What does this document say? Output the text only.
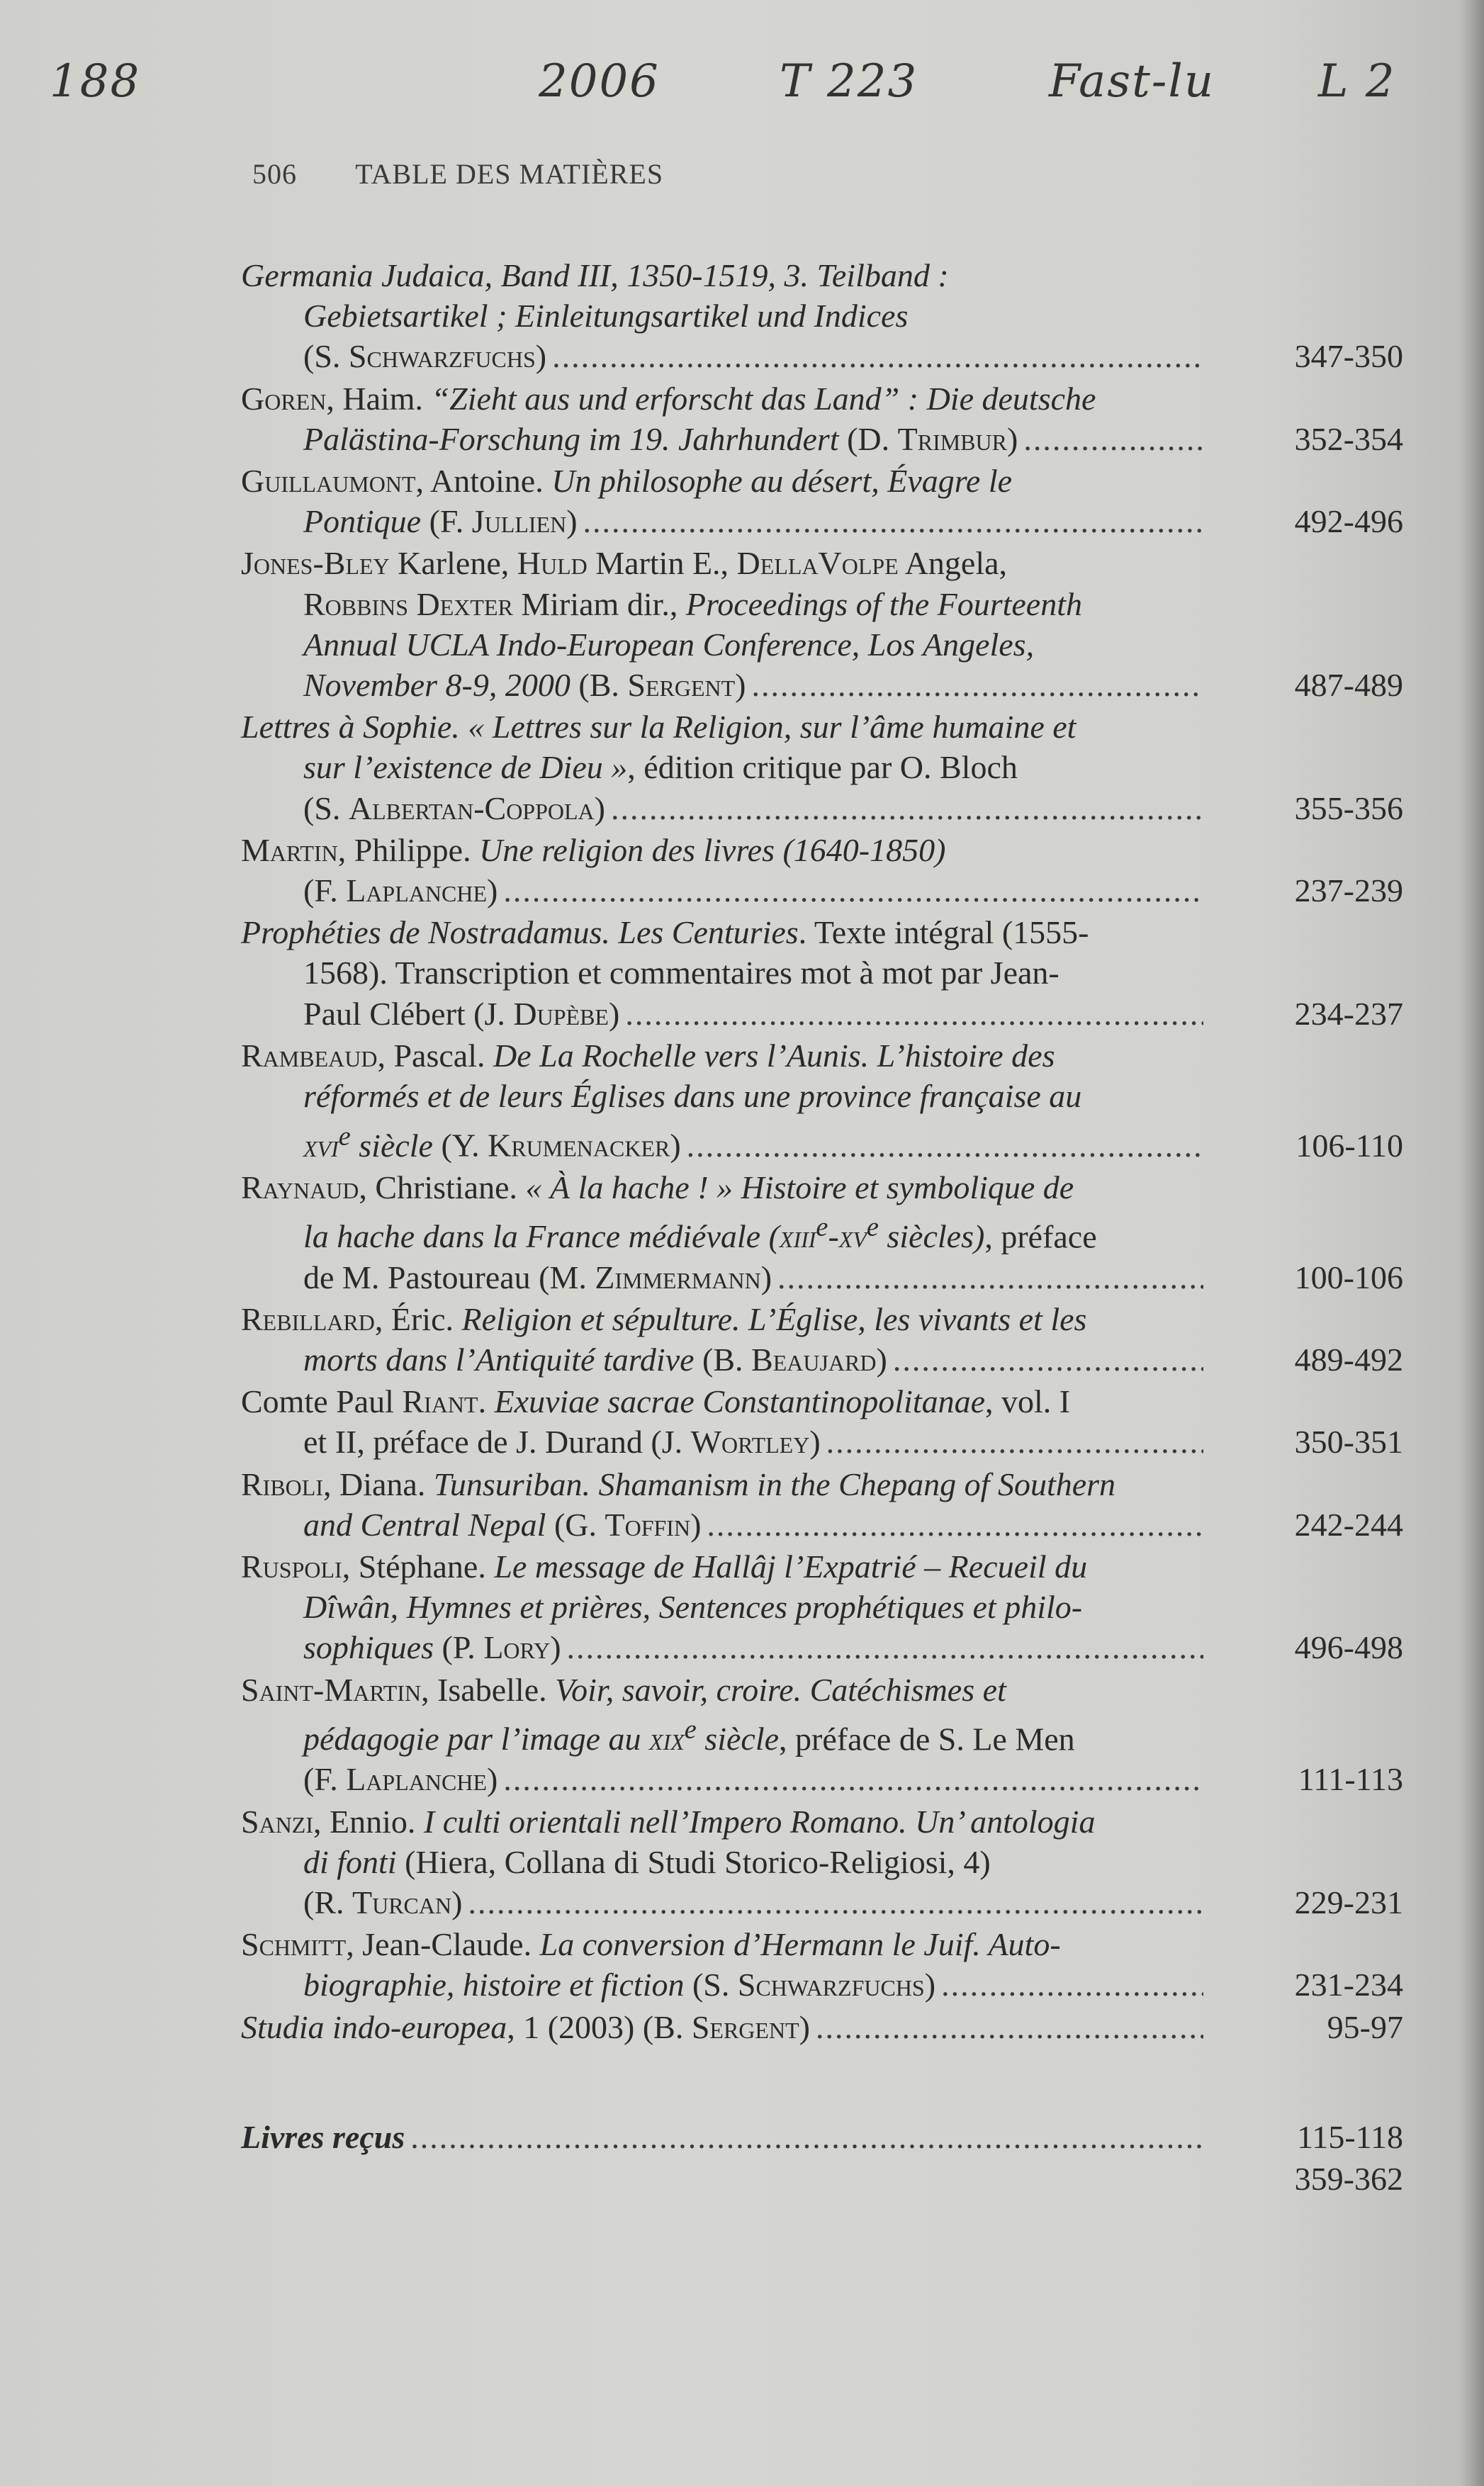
188	2006	T 223	Fast-lu L 2
506 TABLE DES MATIÈRES
Germania Judaica, Band III, 1350-1519, 3. Teilband :
Gebietsartikel ; Einleitungsartikel und Indices
(S. Schwarzfuchs) .....	347-350
Goren, Haim. “Zieht aus und erforscht das Land” : Die deutsche
Palästina-Forschung im 19. Jahrhundert (D. Trimbur) .....	352-354
Guillaumont, Antoine. Un philosophe au désert, Évagre le
Pontique (F. Jullien) .....	492-496
Jones-Bley Karlene, Huld Martin E., DellaVolpe Angela,
Robbins Dexter Miriam dir., Proceedings of the Fourteenth
Annual UCLA Indo-European Conference, Los Angeles,
November 8-9, 2000 (B. Sergent) .....	487-489
Lettres à Sophie. « Lettres sur la Religion, sur l’âme humaine et
sur l’existence de Dieu », édition critique par O. Bloch
(S. Albertan-Coppola) .....	355-356
Martin, Philippe. Une religion des livres (1640-1850)
(F. Laplanche) .....	237-239
Prophéties de Nostradamus. Les Centuries. Texte intégral (1555-
1568). Transcription et commentaires mot à mot par Jean-
Paul Clébert (J. Dupèbe) .....	234-237
Rambeaud, Pascal. De La Rochelle vers l’Aunis. L’histoire des
réformés et de leurs Églises dans une province française au
xvi$^e$ siècle (Y. Krumenacker) .....	106-110
Raynaud, Christiane. « À la hache ! » Histoire et symbolique de
la hache dans la France médiévale ($xiii^e-xv^e$ siècles), préface
de M. Pastoureau (M. Zimmermann) .....	100-106
Rebillard, Éric. Religion et sépulture. L’Église, les vivants et les
morts dans l’Antiquité tardive (B. Beaujard) .....	489-492
Comte Paul Riant. Exuviae sacrae Constantinopolitanae, vol. I
et II, préface de J. Durand (J. Wortley) .....	350-351
Riboli, Diana. Tunsuriban. Shamanism in the Chepang of Southern
and Central Nepal (G. Toffin) .....	242-244
Ruspoli, Stéphane. Le message de Hallâj l’Expatrié – Recueil du
Dîwân, Hymnes et prières, Sentences prophétiques et philo-
sophiques (P. Lory) .....	496-498
Saint-Martin, Isabelle. Voir, savoir, croire. Catéchismes et
pédagogie par l’image au xix$^e$ siècle, préface de S. Le Men
(F. Laplanche) .....	111-113
Sanzi, Ennio. I culti orientali nell’Impero Romano. Un’ antologia
di fonti (Hiera, Collana di Studi Storico-Religiosi, 4)
(R. Turcan) .....	229-231
Schmitt, Jean-Claude. La conversion d’Hermann le Juif. Auto-
biographie, histoire et fiction (S. Schwarzfuchs) .....	231-234
Studia indo-europea, 1 (2003) (B. Sergent) .....	95-97
Livres reçus .....	115-118
359-362
